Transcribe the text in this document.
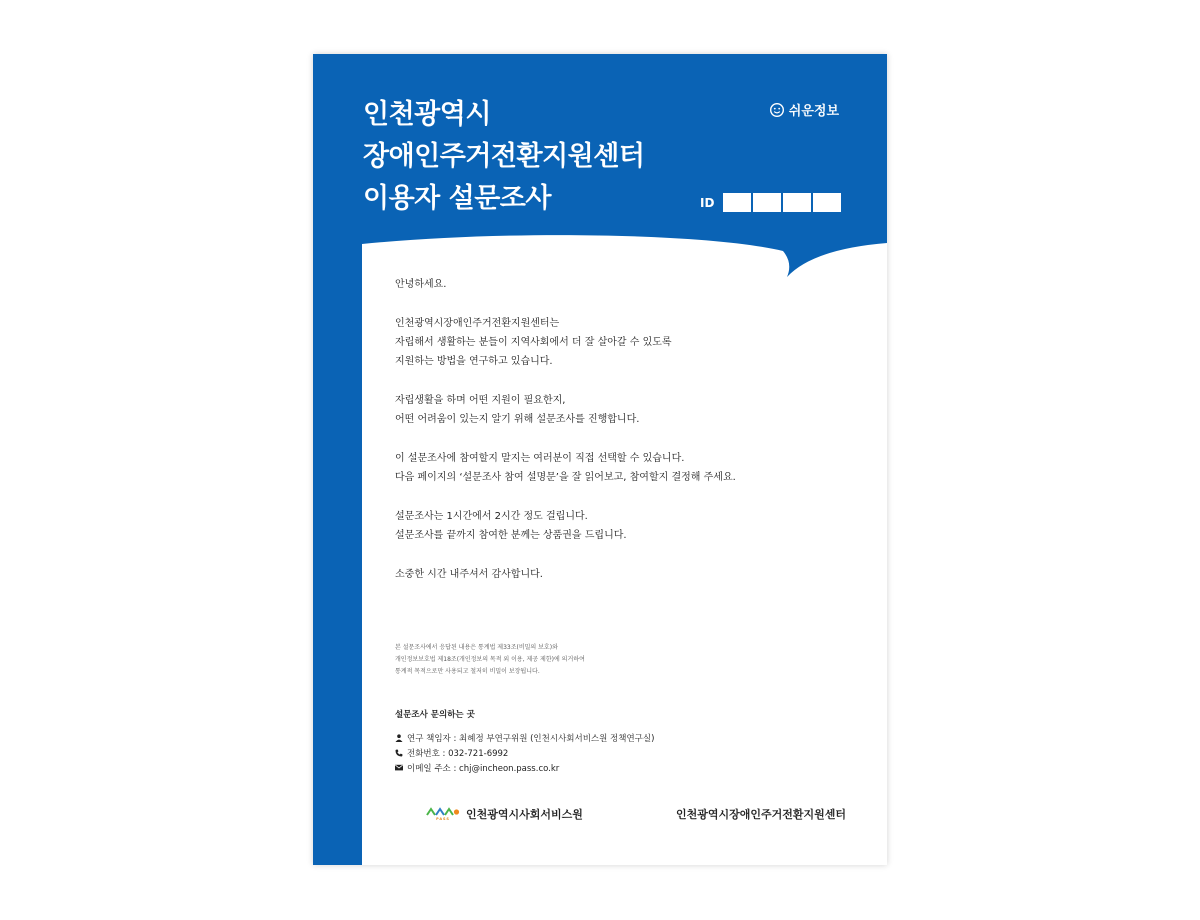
인천광역시
장애인주거전환지원센터
이용자 설문조사
쉬운정보
ID

안녕하세요.

인천광역시장애인주거전환지원센터는
자립해서 생활하는 분들이 지역사회에서 더 잘 살아갈 수 있도록
지원하는 방법을 연구하고 있습니다.

자립생활을 하며 어떤 지원이 필요한지,
어떤 어려움이 있는지 알기 위해 설문조사를 진행합니다.

이 설문조사에 참여할지 말지는 여러분이 직접 선택할 수 있습니다.
다음 페이지의 ‘설문조사 참여 설명문’을 잘 읽어보고, 참여할지 결정해 주세요.

설문조사는 1시간에서 2시간 정도 걸립니다.
설문조사를 끝까지 참여한 분께는 상품권을 드립니다.

소중한 시간 내주셔서 감사합니다.

본 설문조사에서 응답된 내용은 통계법 제33조(비밀의 보호)와
개인정보보호법 제18조(개인정보의 목적 외 이용, 제공 제한)에 의거하여
통계적 목적으로만 사용되고 철저히 비밀이 보장됩니다.
설문조사 문의하는 곳
연구 책임자 : 최혜정 부연구위원 (인천시사회서비스원 정책연구실)
전화번호 : 032-721-6992
이메일 주소 : chj@incheon.pass.co.kr
PASS 인천광역시사회서비스원	인천광역시장애인주거전환지원센터
